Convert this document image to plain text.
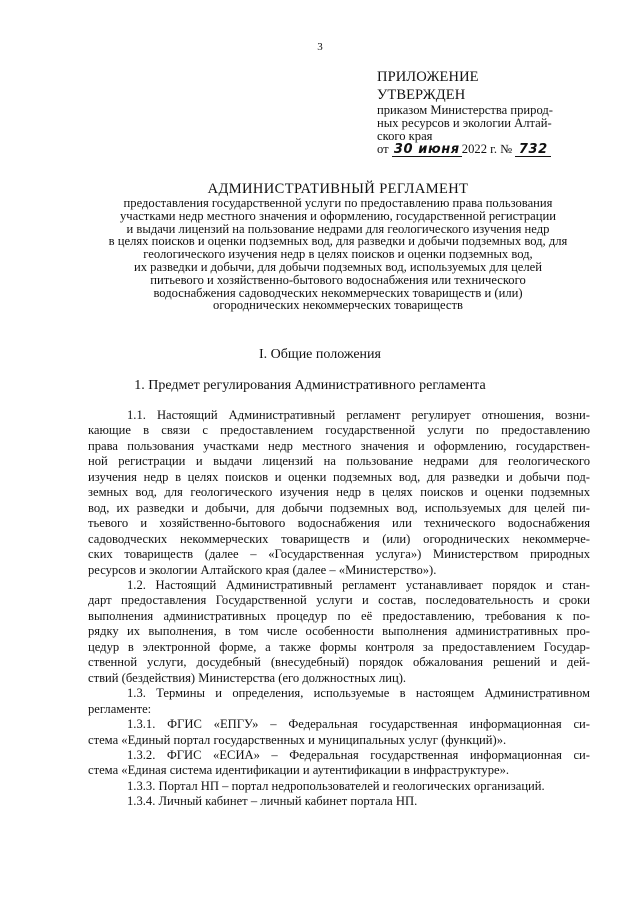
3
ПРИЛОЖЕНИЕ
УТВЕРЖДЕН
приказом Министерства природ-
ных ресурсов и экологии Алтай-
ского края
от 30 июня 2022 г. № 732
АДМИНИСТРАТИВНЫЙ РЕГЛАМЕНТ
предоставления государственной услуги по предоставлению права пользования
участками недр местного значения и оформлению, государственной регистрации
и выдачи лицензий на пользование недрами для геологического изучения недр
в целях поисков и оценки подземных вод, для разведки и добычи подземных вод, для
геологического изучения недр в целях поисков и оценки подземных вод,
их разведки и добычи, для добычи подземных вод, используемых для целей
питьевого и хозяйственно-бытового водоснабжения или технического
водоснабжения садоводческих некоммерческих товариществ и (или)
огороднических некоммерческих товариществ
I. Общие положения
1. Предмет регулирования Административного регламента
1.1. Настоящий Административный регламент регулирует отношения, возни-
кающие в связи с предоставлением государственной услуги по предоставлению
права пользования участками недр местного значения и оформлению, государствен-
ной регистрации и выдачи лицензий на пользование недрами для геологического
изучения недр в целях поисков и оценки подземных вод, для разведки и добычи под-
земных вод, для геологического изучения недр в целях поисков и оценки подземных
вод, их разведки и добычи, для добычи подземных вод, используемых для целей пи-
тьевого и хозяйственно-бытового водоснабжения или технического водоснабжения
садоводческих некоммерческих товариществ и (или) огороднических некоммерче-
ских товариществ (далее – «Государственная услуга») Министерством природных
ресурсов и экологии Алтайского края (далее – «Министерство»).
1.2. Настоящий Административный регламент устанавливает порядок и стан-
дарт предоставления Государственной услуги и состав, последовательность и сроки
выполнения административных процедур по её предоставлению, требования к по-
рядку их выполнения, в том числе особенности выполнения административных про-
цедур в электронной форме, а также формы контроля за предоставлением Государ-
ственной услуги, досудебный (внесудебный) порядок обжалования решений и дей-
ствий (бездействия) Министерства (его должностных лиц).
1.3. Термины и определения, используемые в настоящем Административном
регламенте:
1.3.1. ФГИС «ЕПГУ» – Федеральная государственная информационная си-
стема «Единый портал государственных и муниципальных услуг (функций)».
1.3.2. ФГИС «ЕСИА» – Федеральная государственная информационная си-
стема «Единая система идентификации и аутентификации в инфраструктуре».
1.3.3. Портал НП – портал недропользователей и геологических организаций.
1.3.4. Личный кабинет – личный кабинет портала НП.
